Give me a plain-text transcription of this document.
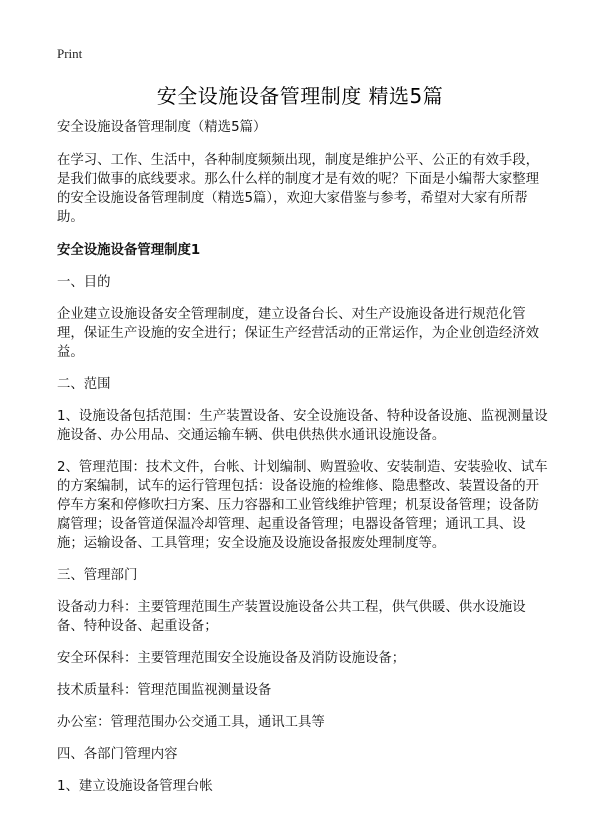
Print
安全设施设备管理制度 精选5篇

安全设施设备管理制度（精选5篇）

在学习、工作、生活中，各种制度频频出现，制度是维护公平、公正的有效手段，是我们做事的底线要求。那么什么样的制度才是有效的呢？下面是小编帮大家整理的安全设施设备管理制度（精选5篇），欢迎大家借鉴与参考，希望对大家有所帮助。

安全设施设备管理制度1

一、目的

企业建立设施设备安全管理制度，建立设备台长、对生产设施设备进行规范化管理，保证生产设施的安全进行；保证生产经营活动的正常运作，为企业创造经济效益。

二、范围

1、设施设备包括范围：生产装置设备、安全设施设备、特种设备设施、监视测量设施设备、办公用品、交通运输车辆、供电供热供水通讯设施设备。

2、管理范围：技术文件，台帐、计划编制、购置验收、安装制造、安装验收、试车的方案编制，试车的运行管理包括：设备设施的检维修、隐患整改、装置设备的开停车方案和停修吹扫方案、压力容器和工业管线维护管理；机泵设备管理；设备防腐管理；设备管道保温冷却管理、起重设备管理；电器设备管理；通讯工具、设施；运输设备、工具管理；安全设施及设施设备报废处理制度等。

三、管理部门

设备动力科：主要管理范围生产装置设施设备公共工程，供气供暖、供水设施设备、特种设备、起重设备；

安全环保科：主要管理范围安全设施设备及消防设施设备；

技术质量科：管理范围监视测量设备

办公室：管理范围办公交通工具，通讯工具等

四、各部门管理内容

1、建立设施设备管理台帐
